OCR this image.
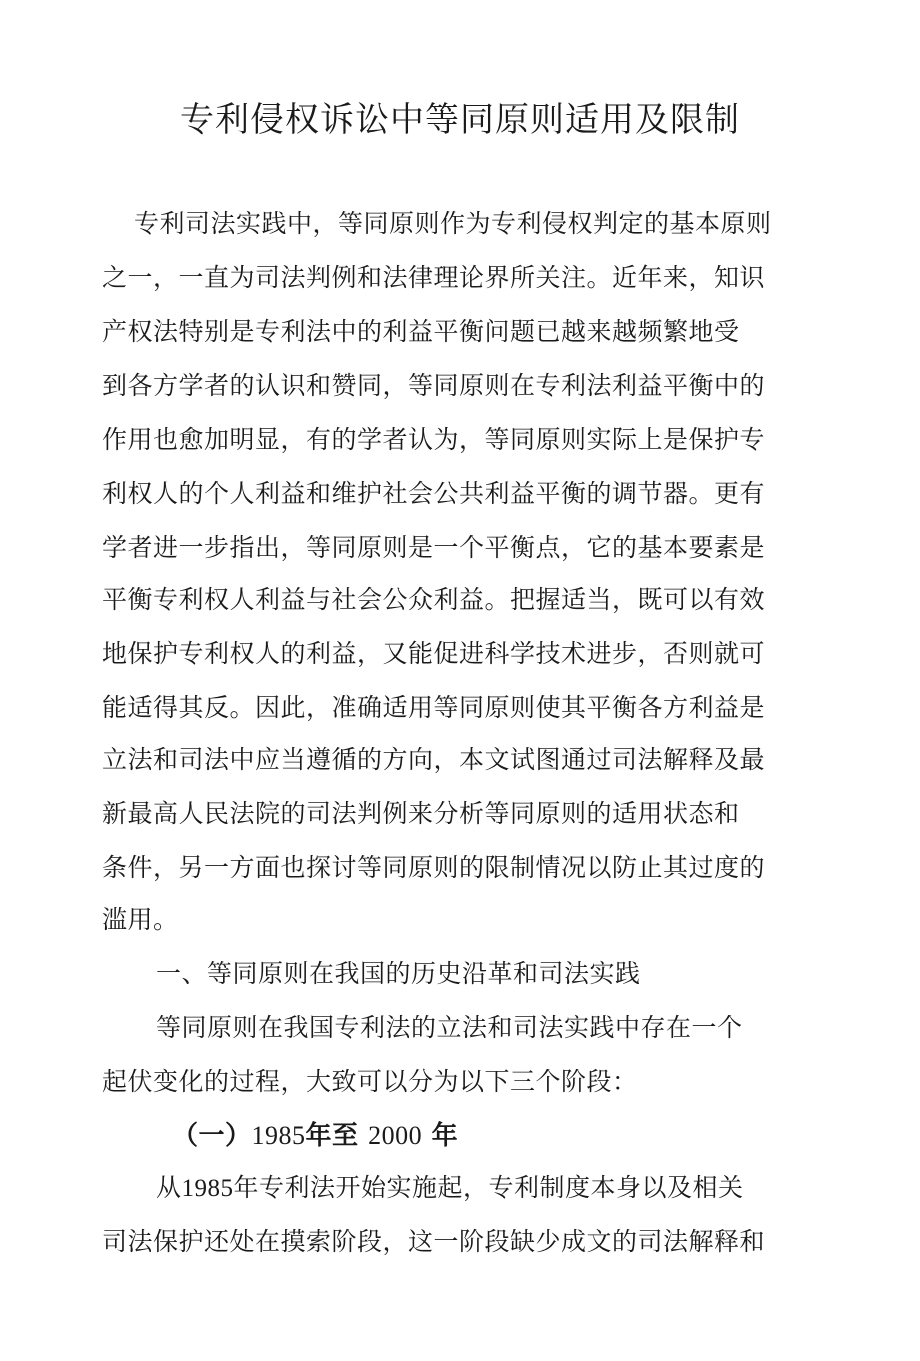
专利侵权诉讼中等同原则适用及限制
专利司法实践中，等同原则作为专利侵权判定的基本原则
之一，一直为司法判例和法律理论界所关注。近年来，知识
产权法特别是专利法中的利益平衡问题已越来越频繁地受
到各方学者的认识和赞同，等同原则在专利法利益平衡中的
作用也愈加明显，有的学者认为，等同原则实际上是保护专
利权人的个人利益和维护社会公共利益平衡的调节器。更有
学者进一步指出，等同原则是一个平衡点，它的基本要素是
平衡专利权人利益与社会公众利益。把握适当，既可以有效
地保护专利权人的利益，又能促进科学技术进步，否则就可
能适得其反。因此，准确适用等同原则使其平衡各方利益是
立法和司法中应当遵循的方向，本文试图通过司法解释及最
新最高人民法院的司法判例来分析等同原则的适用状态和
条件，另一方面也探讨等同原则的限制情况以防止其过度的
滥用。
一、等同原则在我国的历史沿革和司法实践
等同原则在我国专利法的立法和司法实践中存在一个
起伏变化的过程，大致可以分为以下三个阶段：
（一）1985年至 2000 年
从1985年专利法开始实施起，专利制度本身以及相关
司法保护还处在摸索阶段，这一阶段缺少成文的司法解释和
